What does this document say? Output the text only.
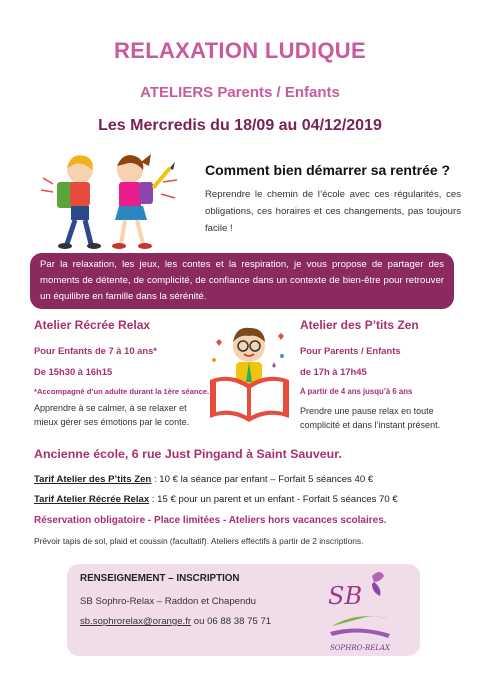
RELAXATION LUDIQUE
ATELIERS Parents / Enfants
Les Mercredis du 18/09 au 04/12/2019
Comment bien démarrer sa rentrée ?
Reprendre le chemin de l’école avec ces régularités, ces obligations, ces horaires et ces changements, pas toujours facile !
Par la relaxation, les jeux, les contes et la respiration, je vous propose de partager des moments de détente, de complicité, de confiance dans un contexte de bien-être pour retrouver un équilibre en famille dans la sérénité.
Atelier Récrée Relax
Pour Enfants de 7 à 10 ans*
De 15h30 à 16h15
*Accompagné d’un adulte durant la 1ère séance.
Apprendre à se calmer, à se relaxer et mieux gérer ses émotions par le conte.
Atelier des P’tits Zen
Pour Parents / Enfants
de 17h à 17h45
A partir de 4 ans jusqu’à 6 ans
Prendre une pause relax en toute complicité et dans l’instant présent.
Ancienne école, 6 rue Just Pingand à Saint Sauveur.
Tarif Atelier des P’tits Zen : 10 € la séance par enfant – Forfait 5 séances 40 €
Tarif Atelier Récrée Relax : 15 € pour un parent et un enfant - Forfait 5 séances 70 €
Réservation obligatoire - Place limitées - Ateliers hors vacances scolaires.
Prévoir tapis de sol, plaid et coussin (facultatif). Ateliers effectifs à partir de 2 inscriptions.
RENSEIGNEMENT – INSCRIPTION
SB Sophro-Relax – Raddon et Chapendu
sb.sophrorelax@orange.fr ou 06 88 38 75 71
SB
SOPHRO-RELAX
